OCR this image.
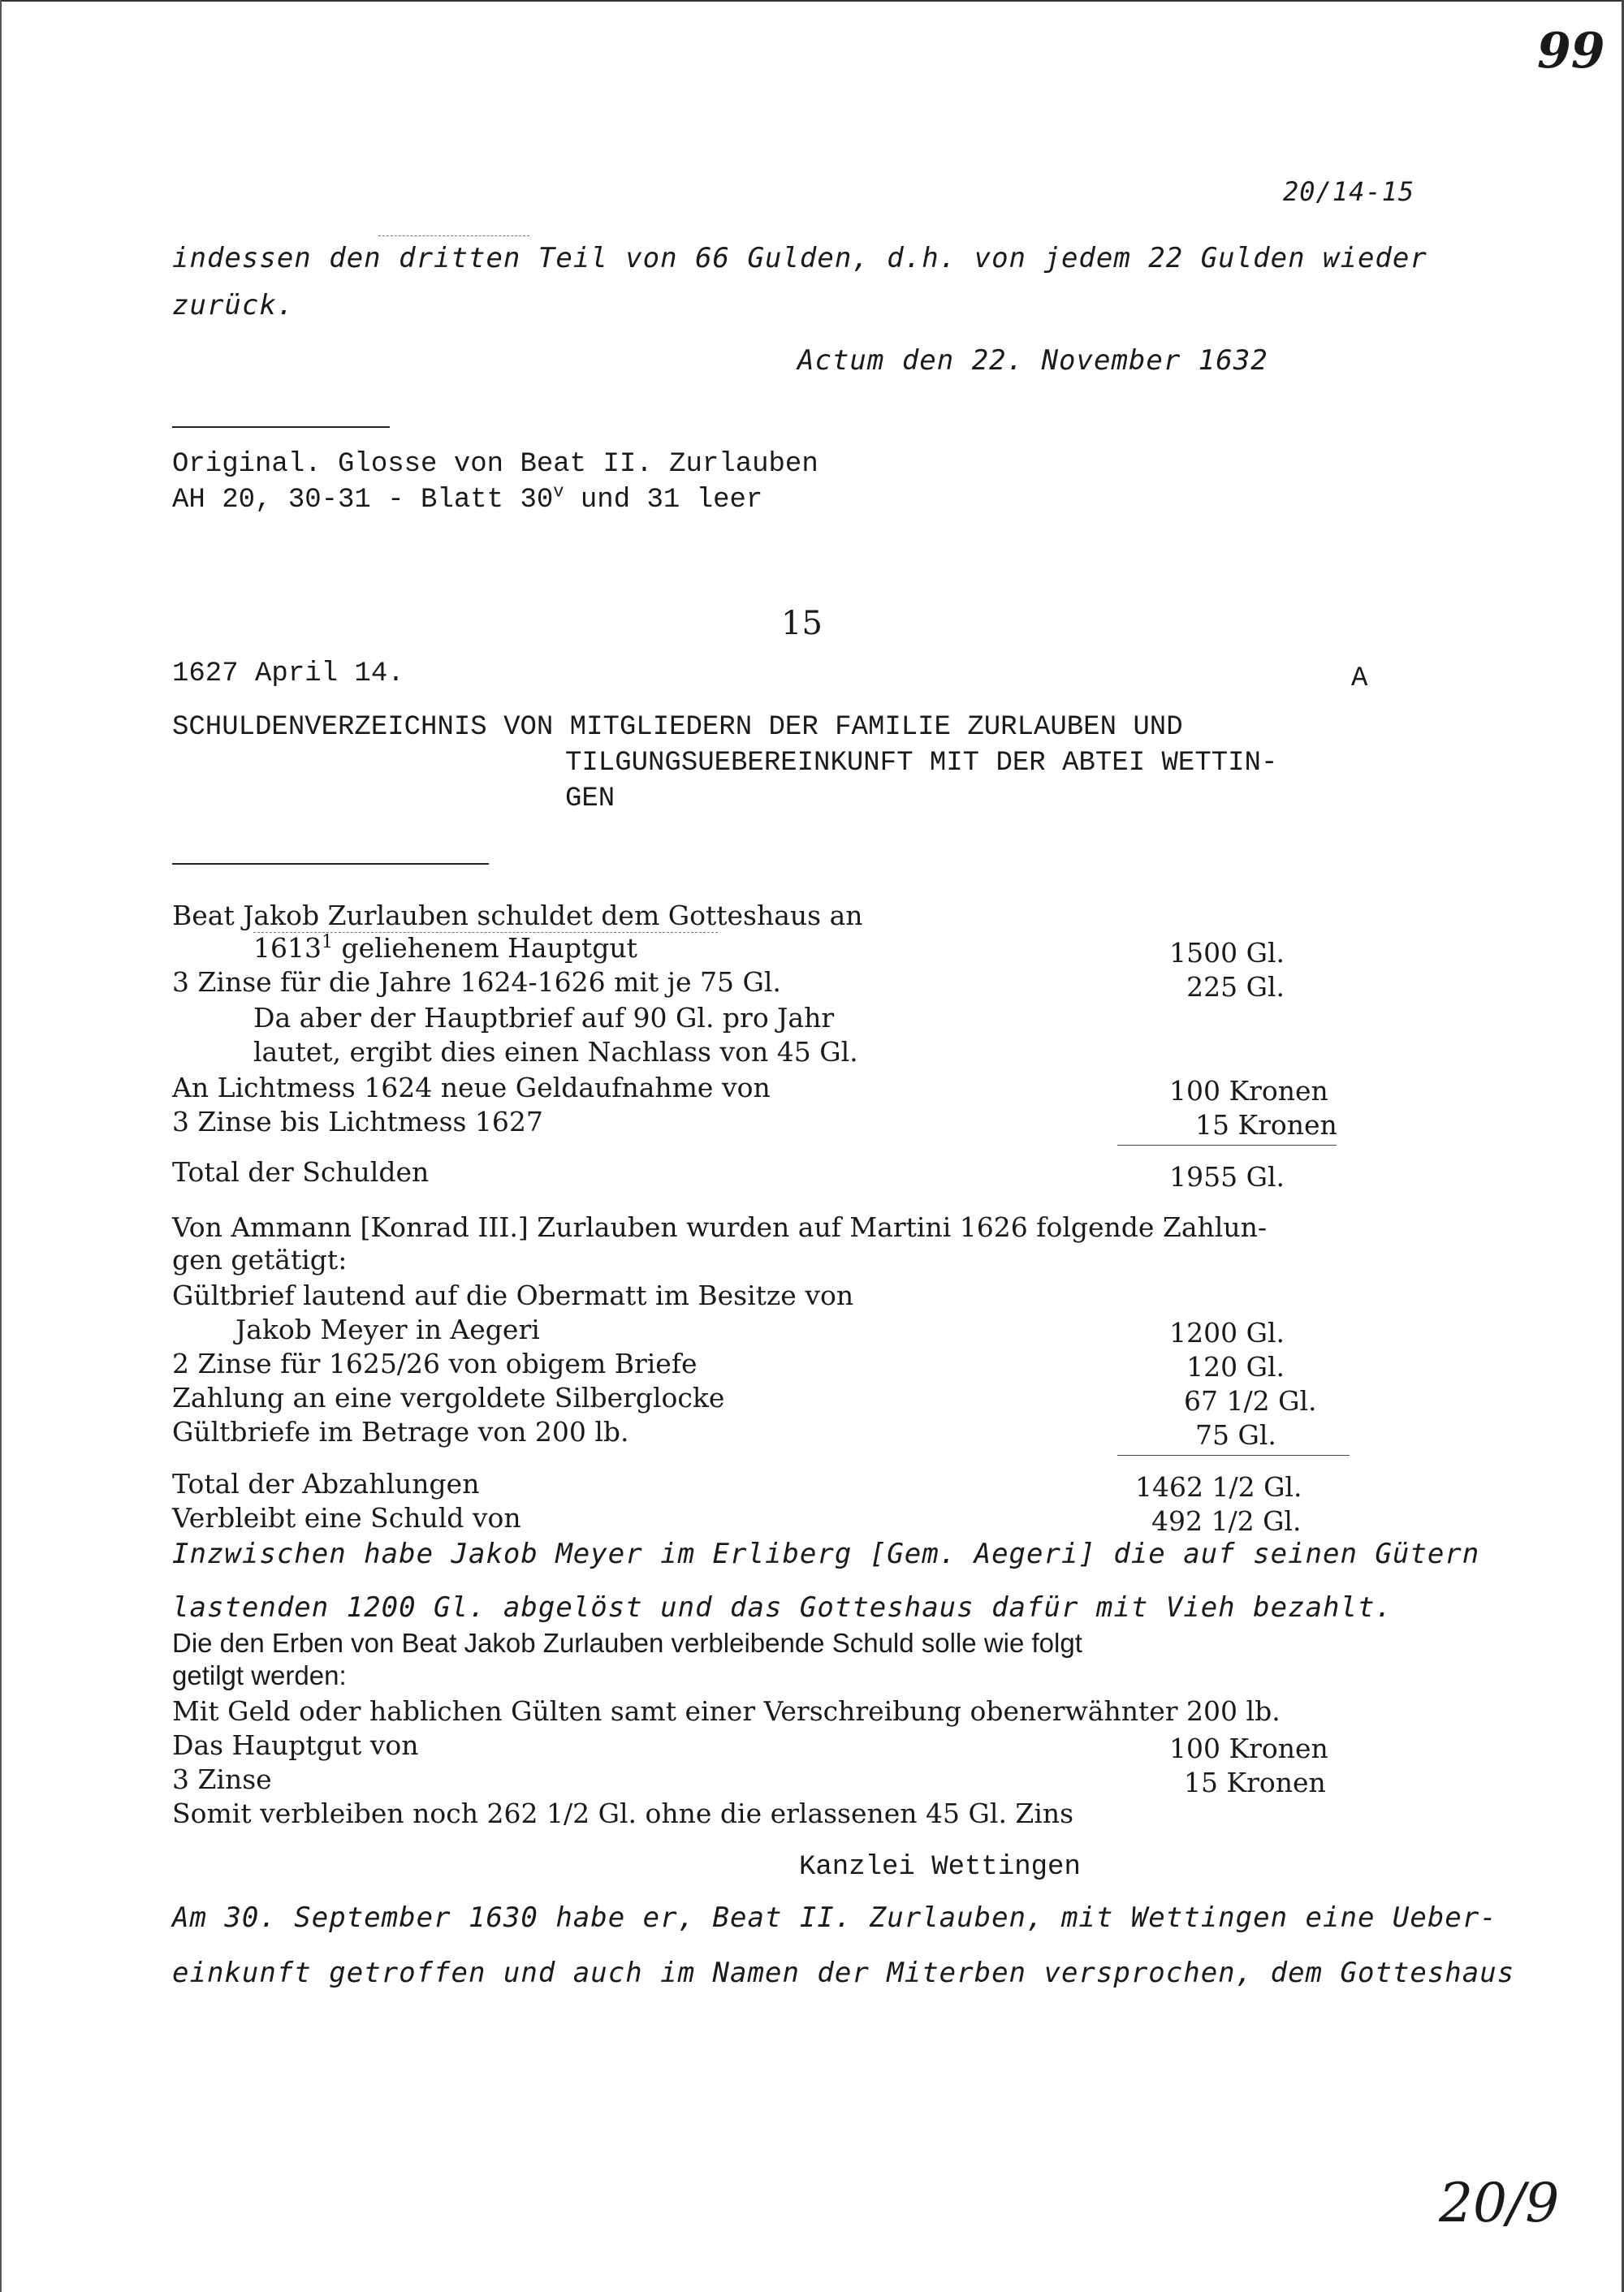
99
20/14-15
indessen den dritten Teil von 66 Gulden, d.h. von jedem 22 Gulden wieder
zurück.
Actum den 22. November 1632
Original. Glosse von Beat II. Zurlauben
AH 20, 30-31 - Blatt 30$^v$ und 31 leer
15
1627 April 14.	A
SCHULDENVERZEICHNIS VON MITGLIEDERN DER FAMILIE ZURLAUBEN UND
TILGUNGSUEBEREINKUNFT MIT DER ABTEI WETTIN-
GEN
Beat Jakob Zurlauben schuldet dem Gotteshaus an
1613$^1$ geliehenem Hauptgut	1500 Gl.
3 Zinse für die Jahre 1624-1626 mit je 75 Gl.	225 Gl.
Da aber der Hauptbrief auf 90 Gl. pro Jahr
lautet, ergibt dies einen Nachlass von 45 Gl.
An Lichtmess 1624 neue Geldaufnahme von	100 Kronen
3 Zinse bis Lichtmess 1627	15 Kronen
Total der Schulden	1955 Gl.
Von Ammann [Konrad III.] Zurlauben wurden auf Martini 1626 folgende Zahlun-
gen getätigt:
Gültbrief lautend auf die Obermatt im Besitze von
Jakob Meyer in Aegeri	1200 Gl.
2 Zinse für 1625/26 von obigem Briefe	120 Gl.
Zahlung an eine vergoldete Silberglocke	67 1/2 Gl.
Gültbriefe im Betrage von 200 lb.	75 Gl.
Total der Abzahlungen	1462 1/2 Gl.
Verbleibt eine Schuld von	492 1/2 Gl.
Inzwischen habe Jakob Meyer im Erliberg [Gem. Aegeri] die auf seinen Gütern
lastenden 1200 Gl. abgelöst und das Gotteshaus dafür mit Vieh bezahlt.
Die den Erben von Beat Jakob Zurlauben verbleibende Schuld solle wie folgt
getilgt werden:
Mit Geld oder hablichen Gülten samt einer Verschreibung obenerwähnter 200 lb.
Das Hauptgut von	100 Kronen
3 Zinse	15 Kronen
Somit verbleiben noch 262 1/2 Gl. ohne die erlassenen 45 Gl. Zins
Kanzlei Wettingen
Am 30. September 1630 habe er, Beat II. Zurlauben, mit Wettingen eine Ueber-
einkunft getroffen und auch im Namen der Miterben versprochen, dem Gotteshaus
20/9
